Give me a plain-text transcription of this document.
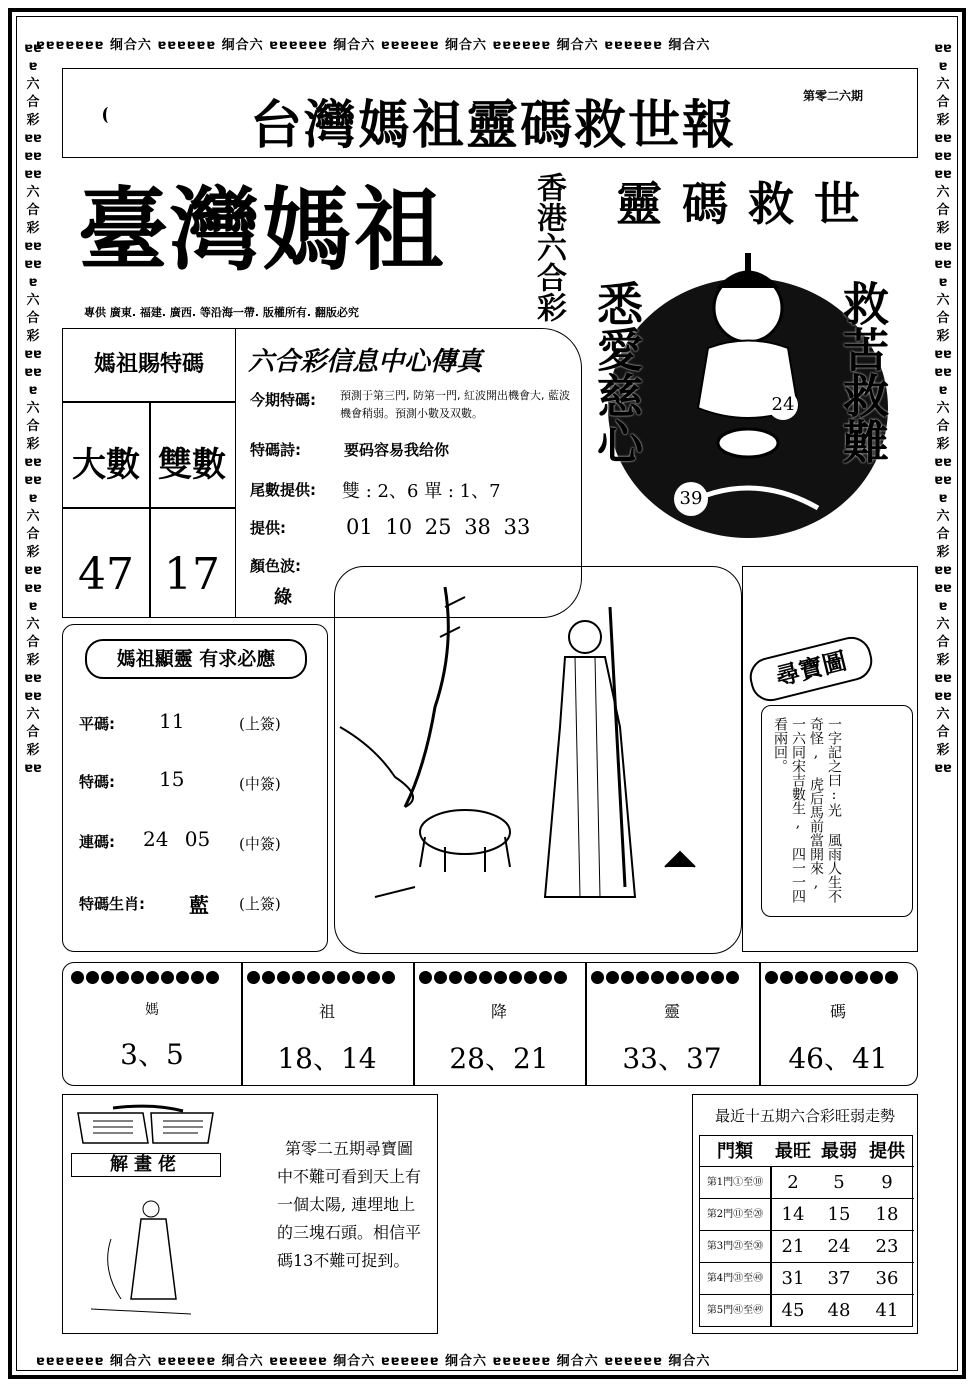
ɐɐɐɐɐɐɐ 䌹合六 ɐɐɐɐɐɐ 䌹合六 ɐɐɐɐɐɐ 䌹合六 ɐɐɐɐɐɐ 䌹合六 ɐɐɐɐɐɐ 䌹合六 ɐɐɐɐɐɐ 䌹合六
ɐɐɐɐɐɐɐ 䌹合六 ɐɐɐɐɐɐ 䌹合六 ɐɐɐɐɐɐ 䌹合六 ɐɐɐɐɐɐ 䌹合六 ɐɐɐɐɐɐ 䌹合六 ɐɐɐɐɐɐ 䌹合六
ɐɐɐ六合彩ɐɐɐɐɐɐ六合彩ɐɐɐɐɐ六合彩ɐɐɐɐɐ六合彩ɐɐɐɐɐ六合彩ɐɐɐɐɐ六合彩ɐɐɐɐ六合彩ɐɐ
ɐɐɐ六合彩ɐɐɐɐɐɐ六合彩ɐɐɐɐɐ六合彩ɐɐɐɐɐ六合彩ɐɐɐɐɐ六合彩ɐɐɐɐɐ六合彩ɐɐɐɐ六合彩ɐɐ
台灣媽祖靈碼救世報	第零二六期
臺灣媽祖	香港六合彩
專供 廣東. 福建. 廣西. 等沿海一帶. 版權所有. 翻版必究
靈碼救世
悉愛慈心	救苦救難
24
39
媽祖賜特碼
大數 雙數
47 17
六合彩信息中心傳真
今期特碼: 預測于第三門, 防第一門, 紅波開出機會大, 藍波機會稍弱。預測小數及双數。
特碼詩:	要码容易我给你
尾數提供: 雙 : 2、6 單 : 1、7
提供:	01 10 25 38 33
顏色波:
綠
媽祖顯靈 有求必應
平碼: 11	(上簽)
特碼: 15	(中簽)
連碼: 24 05 (中簽)
特碼生肖: 藍 (上簽)
尋寶圖
一字記之曰:光 風雨人生不奇怪, 虎后馬前當開來, 一六同宋吉數生, 四一一四看兩回。
媽
3、5
祖
18、14
降
28、21
靈
33、37
碼
46、41
解畫佬
第零二五期尋寶圖中不難可看到天上有一個太陽, 連埋地上的三塊石頭。相信平碼13不難可捉到。
最近十五期六合彩旺弱走勢
門類	最旺 最弱 提供
第1門①至⑩	2	5	9
第2門⑪至⑳	14	15	18
第3門㉑至㉚	21	24	23
第4門㉛至㊵	31	37	36
第5門㊶至㊾	45	48	41
